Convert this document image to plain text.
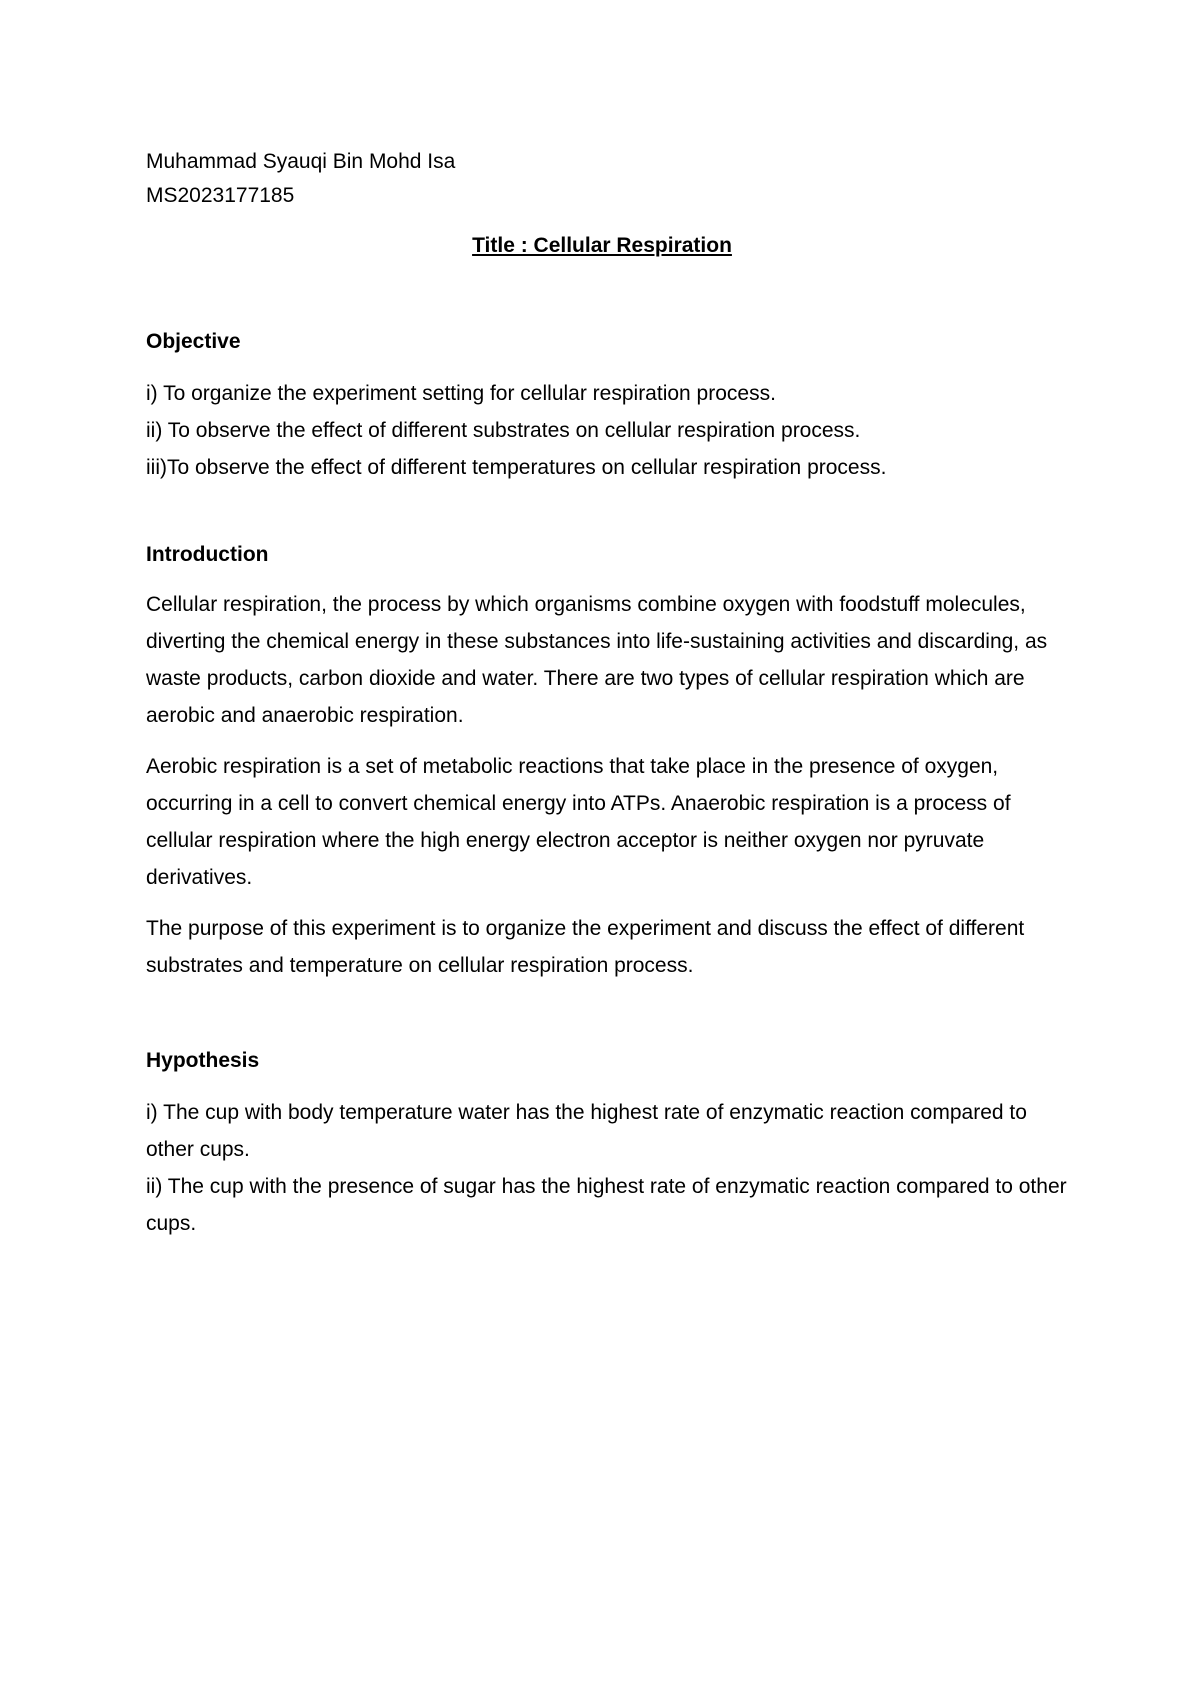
Muhammad Syauqi Bin Mohd Isa

MS2023177185

Title : Cellular Respiration

Objective

i) To organize the experiment setting for cellular respiration process.
ii) To observe the effect of different substrates on cellular respiration process.
iii)To observe the effect of different temperatures on cellular respiration process.

Introduction

Cellular respiration, the process by which organisms combine oxygen with foodstuff molecules, diverting the chemical energy in these substances into life-sustaining activities and discarding, as waste products, carbon dioxide and water. There are two types of cellular respiration which are aerobic and anaerobic respiration.

Aerobic respiration is a set of metabolic reactions that take place in the presence of oxygen, occurring in a cell to convert chemical energy into ATPs. Anaerobic respiration is a process of cellular respiration where the high energy electron acceptor is neither oxygen nor pyruvate derivatives.

The purpose of this experiment is to organize the experiment and discuss the effect of different substrates and temperature on cellular respiration process.

Hypothesis

i) The cup with body temperature water has the highest rate of enzymatic reaction compared to other cups.
ii) The cup with the presence of sugar has the highest rate of enzymatic reaction compared to other cups.
